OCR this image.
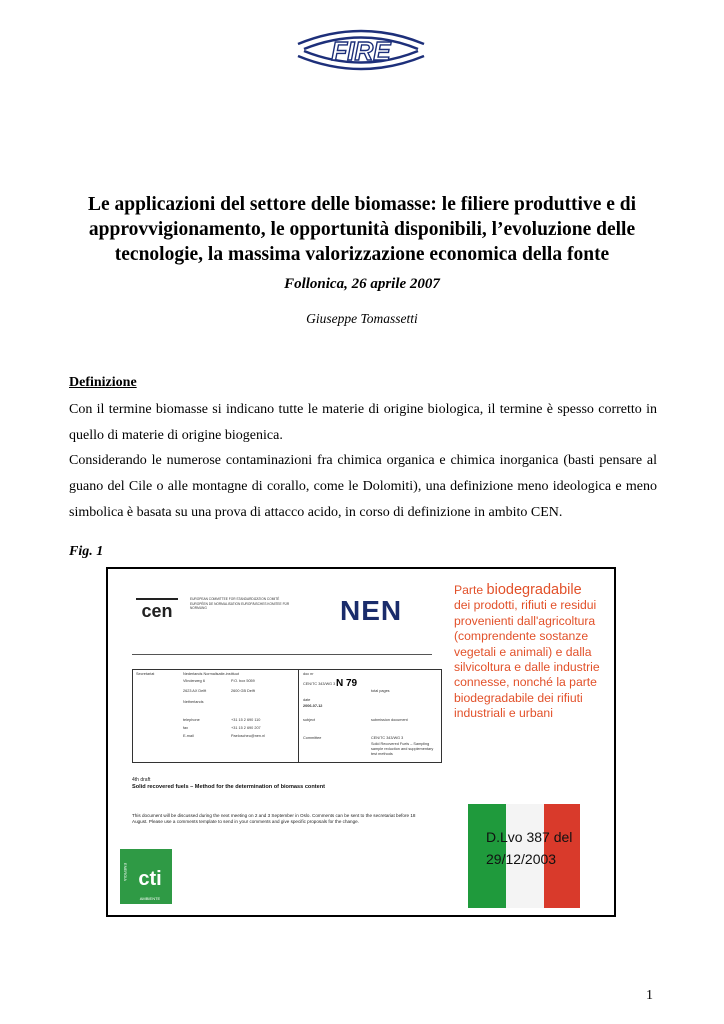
FIRE
Le applicazioni del settore delle biomasse: le filiere produttive e di
approvvigionamento, le opportunità disponibili, l’evoluzione delle
tecnologie, la massima valorizzazione economica della fonte
Follonica, 26 aprile 2007
Giuseppe Tomassetti
Definizione
Con il termine biomasse si indicano tutte le materie di origine biologica, il termine è spesso corretto in quello di materie di origine biogenica.
Considerando le numerose contaminazioni fra chimica organica e chimica inorganica (basti pensare al guano del Cile o alle montagne di corallo, come le Dolomiti), una definizione meno ideologica e meno simbolica è basata su una prova di attacco acido, in corso di definizione in ambito CEN.
Fig. 1
cen
EUROPEAN COMMITTEE FOR STANDARDIZATION COMITÉ EUROPÉEN DE NORMALISATION EUROPÄISCHES KOMITEE FÜR NORMUNG	NEN
Parte biodegradabile
dei prodotti, rifiuti e residui provenienti dall'agricoltura (comprendente sostanze vegetali e animali) e dalla silvicoltura e dalle industrie connesse, nonché la parte biodegradabile dei rifiuti industriali e urbani
Secretariat	Nederlands Normalisatie-instituut
Vlinderweg 6	P.O. box 5059
2623 AX Delft	2600 GB Delft
Netherlands
telephone	+31 15 2 690 110
fax	+31 15 2 690 207
E-mail	Paeloscheu@nen.nl
doc nr
CEN/TC 343/WG 3
total pages
date
2006-07-12
subject	submission document
Committee	CEN/TC 343/WG 3
Solid Recovered Fuels – Sampling sample reduction and supplementary test methods
N 79
4th draft
Solid recovered fuels – Method for the determination of biomass content
This document will be discussed during the next meeting on 2 and 3 September in Oslo. Comments can be sent to the secretariat before 18 August. Please use a comments template to send in your comments and give specific proposals for the change.
ENERGIA cti
AMBIENTE
D.Lvo 387 del
29/12/2003
1
